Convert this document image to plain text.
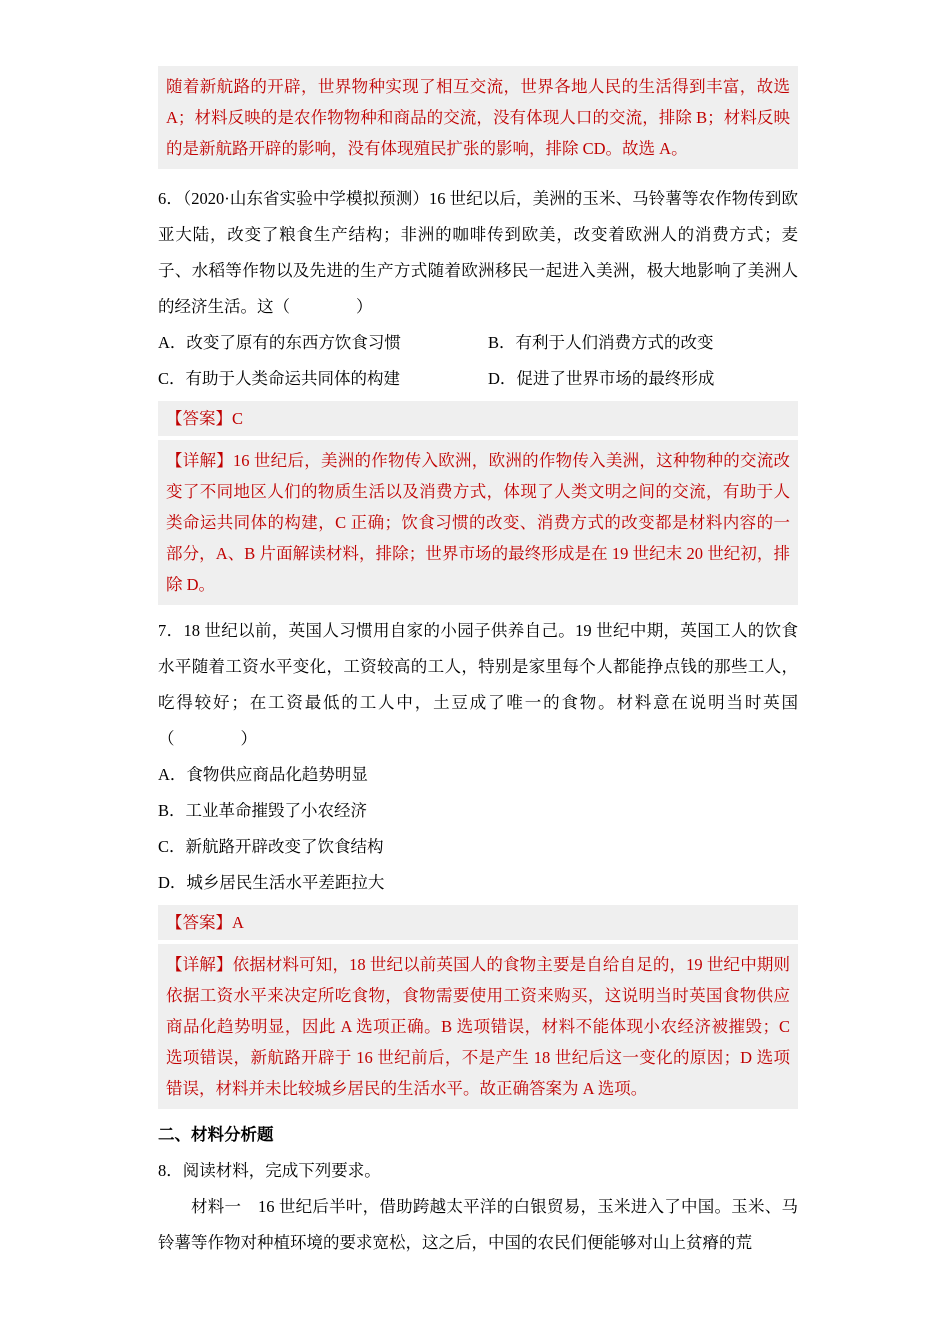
随着新航路的开辟，世界物种实现了相互交流，世界各地人民的生活得到丰富，故选 A；材料反映的是农作物物种和商品的交流，没有体现人口的交流，排除 B；材料反映的是新航路开辟的影响，没有体现殖民扩张的影响，排除 CD。故选 A。

6．（2020·山东省实验中学模拟预测）16 世纪以后，美洲的玉米、马铃薯等农作物传到欧亚大陆，改变了粮食生产结构；非洲的咖啡传到欧美，改变着欧洲人的消费方式；麦子、水稻等作物以及先进的生产方式随着欧洲移民一起进入美洲，极大地影响了美洲人的经济生活。这（　　　　）

A．改变了原有的东西方饮食习惯	B．有利于人们消费方式的改变
C．有助于人类命运共同体的构建	D．促进了世界市场的最终形成
【答案】C
【详解】16 世纪后，美洲的作物传入欧洲，欧洲的作物传入美洲，这种物种的交流改变了不同地区人们的物质生活以及消费方式，体现了人类文明之间的交流，有助于人类命运共同体的构建，C 正确；饮食习惯的改变、消费方式的改变都是材料内容的一部分，A、B 片面解读材料，排除；世界市场的最终形成是在 19 世纪末 20 世纪初，排除 D。

7．18 世纪以前，英国人习惯用自家的小园子供养自己。19 世纪中期，英国工人的饮食水平随着工资水平变化，工资较高的工人，特别是家里每个人都能挣点钱的那些工人，吃得较好；在工资最低的工人中，土豆成了唯一的食物。材料意在说明当时英国（　　　　）

A．食物供应商品化趋势明显
B．工业革命摧毁了小农经济
C．新航路开辟改变了饮食结构
D．城乡居民生活水平差距拉大
【答案】A
【详解】依据材料可知，18 世纪以前英国人的食物主要是自给自足的，19 世纪中期则依据工资水平来决定所吃食物，食物需要使用工资来购买，这说明当时英国食物供应商品化趋势明显，因此 A 选项正确。B 选项错误，材料不能体现小农经济被摧毁；C 选项错误，新航路开辟于 16 世纪前后，不是产生 18 世纪后这一变化的原因；D 选项错误，材料并未比较城乡居民的生活水平。故正确答案为 A 选项。
二、材料分析题

8．阅读材料，完成下列要求。

材料一　16 世纪后半叶，借助跨越太平洋的白银贸易，玉米进入了中国。玉米、马铃薯等作物对种植环境的要求宽松，这之后，中国的农民们便能够对山上贫瘠的荒
